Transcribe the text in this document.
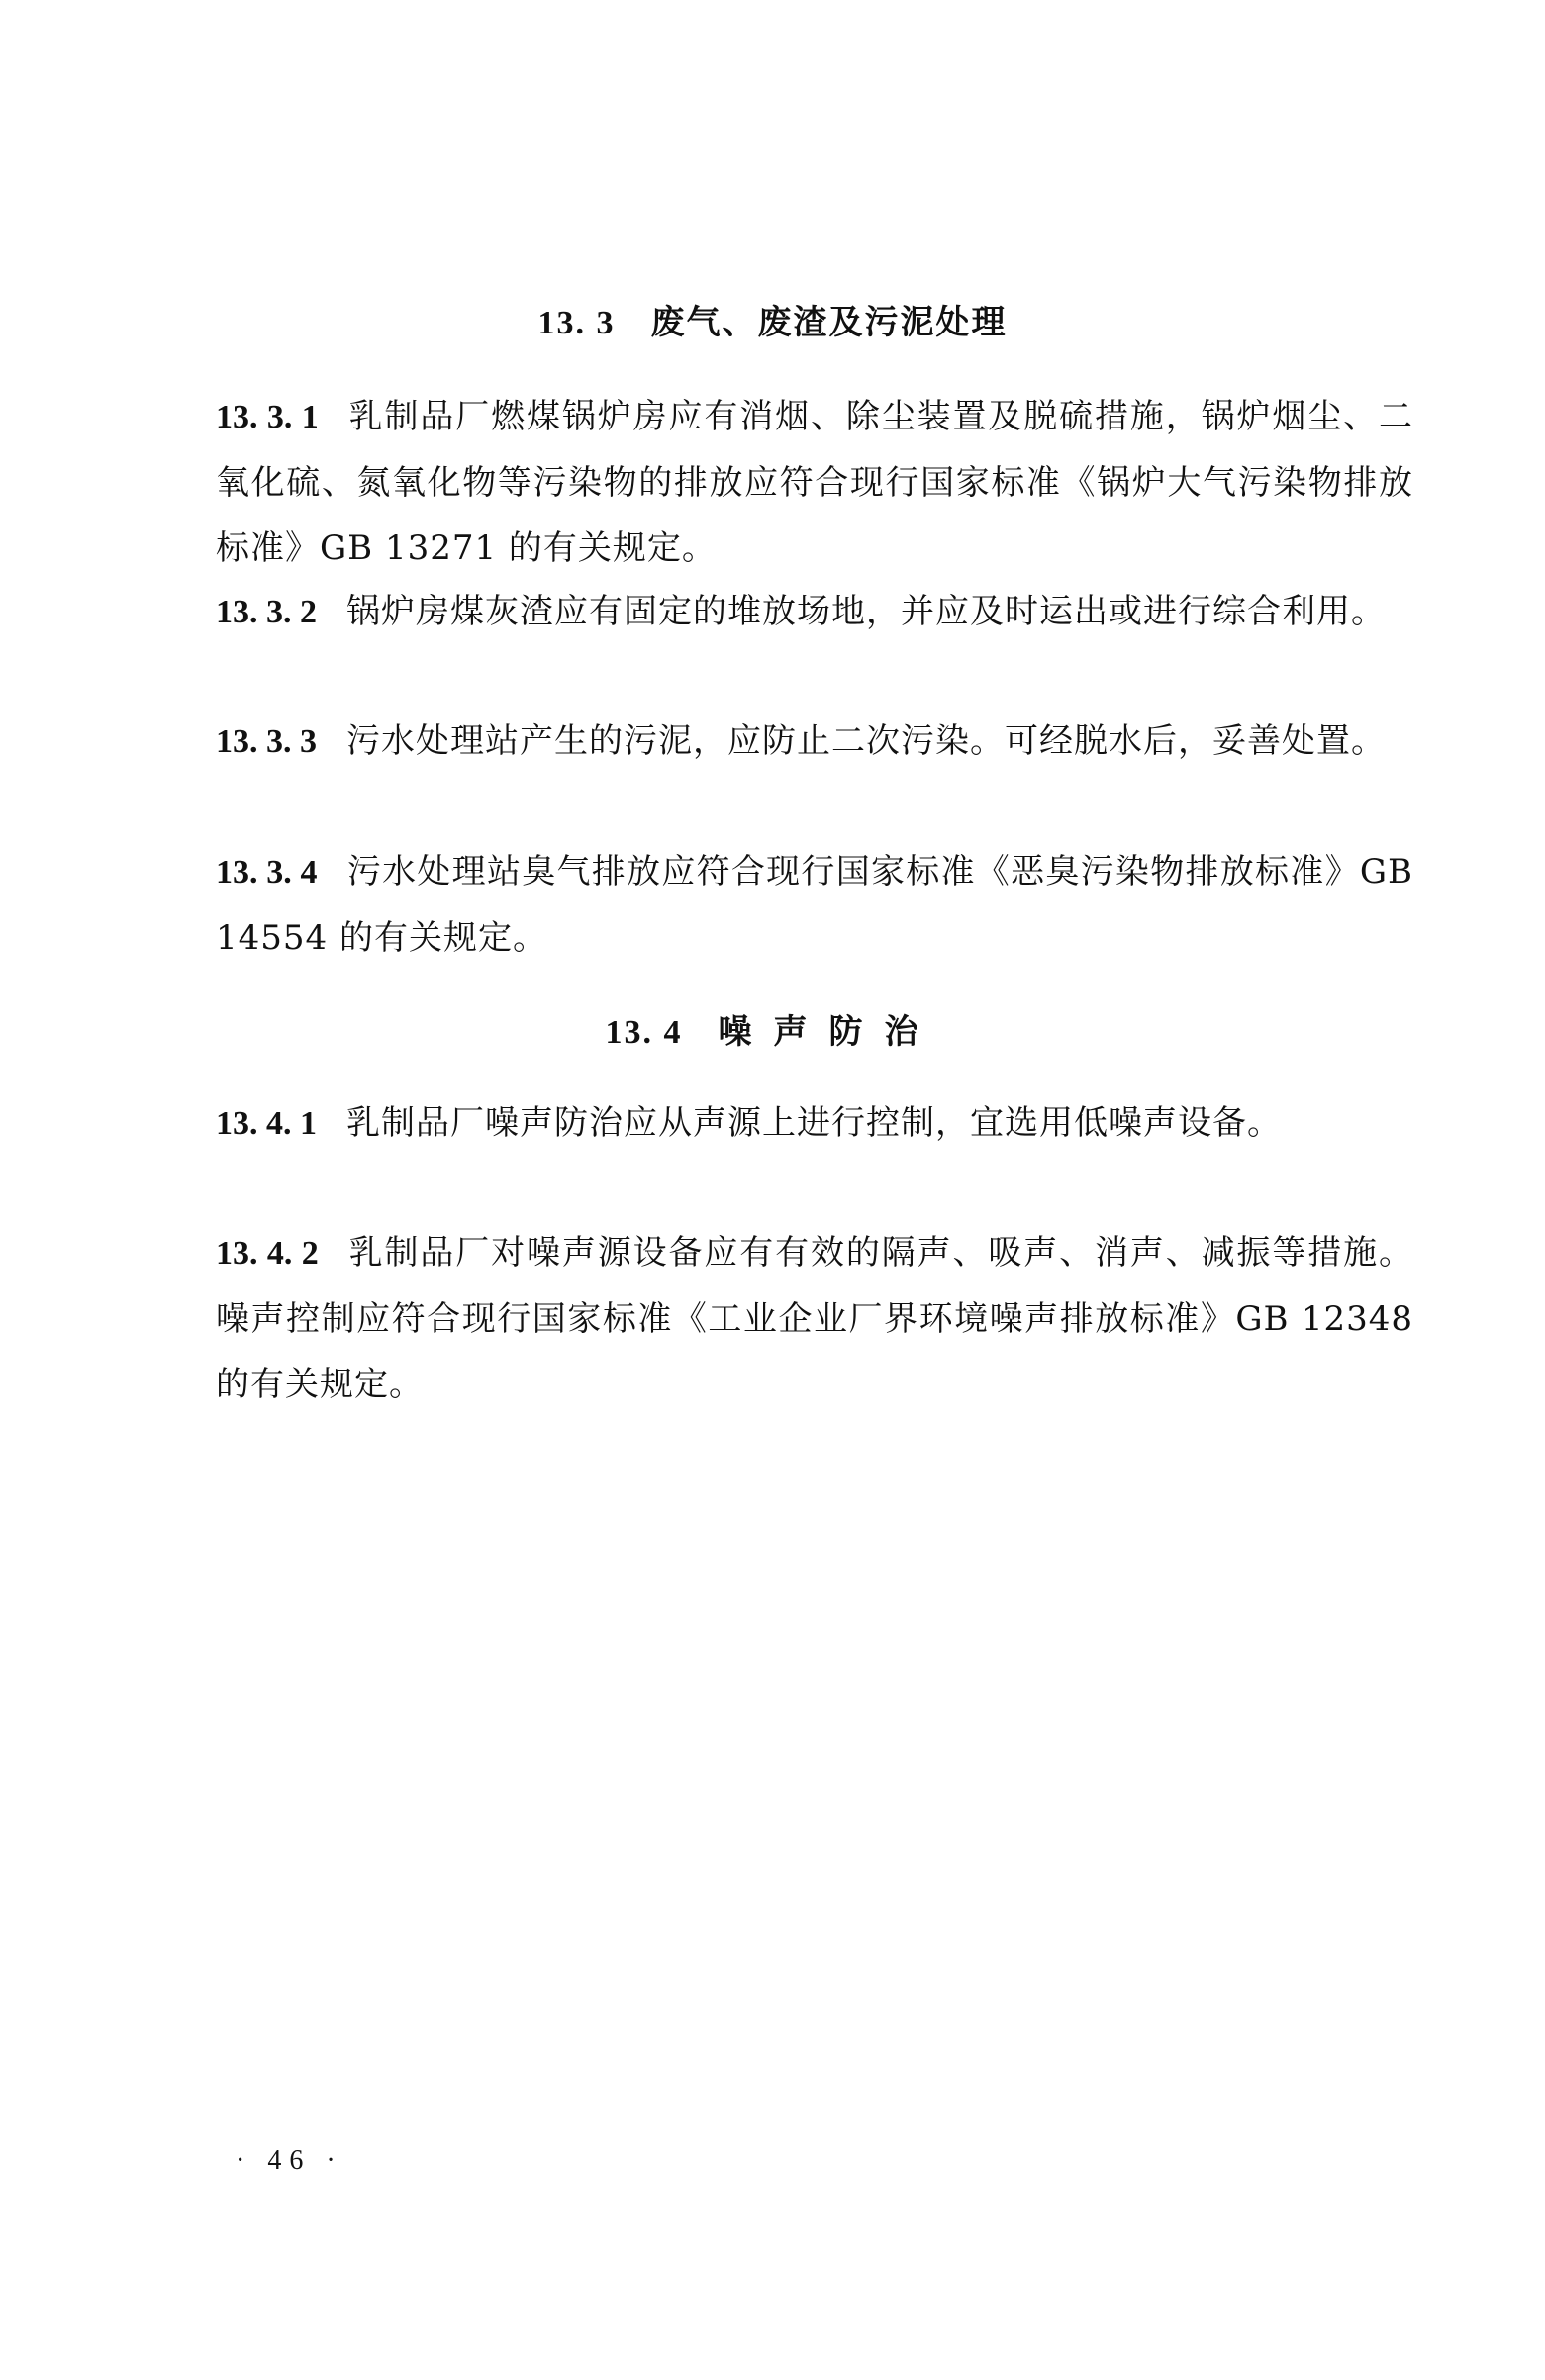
13. 3 废气、废渣及污泥处理
13. 3. 1 乳制品厂燃煤锅炉房应有消烟、除尘装置及脱硫措施，锅炉烟尘、二氧化硫、氮氧化物等污染物的排放应符合现行国家标准《锅炉大气污染物排放标准》GB 13271 的有关规定。
13. 3. 2 锅炉房煤灰渣应有固定的堆放场地，并应及时运出或进行综合利用。
13. 3. 3 污水处理站产生的污泥，应防止二次污染。可经脱水后，妥善处置。
13. 3. 4 污水处理站臭气排放应符合现行国家标准《恶臭污染物排放标准》GB 14554 的有关规定。
13. 4 噪声防治
13. 4. 1 乳制品厂噪声防治应从声源上进行控制，宜选用低噪声设备。
13. 4. 2 乳制品厂对噪声源设备应有有效的隔声、吸声、消声、减振等措施。噪声控制应符合现行国家标准《工业企业厂界环境噪声排放标准》GB 12348 的有关规定。
· 46 ·
